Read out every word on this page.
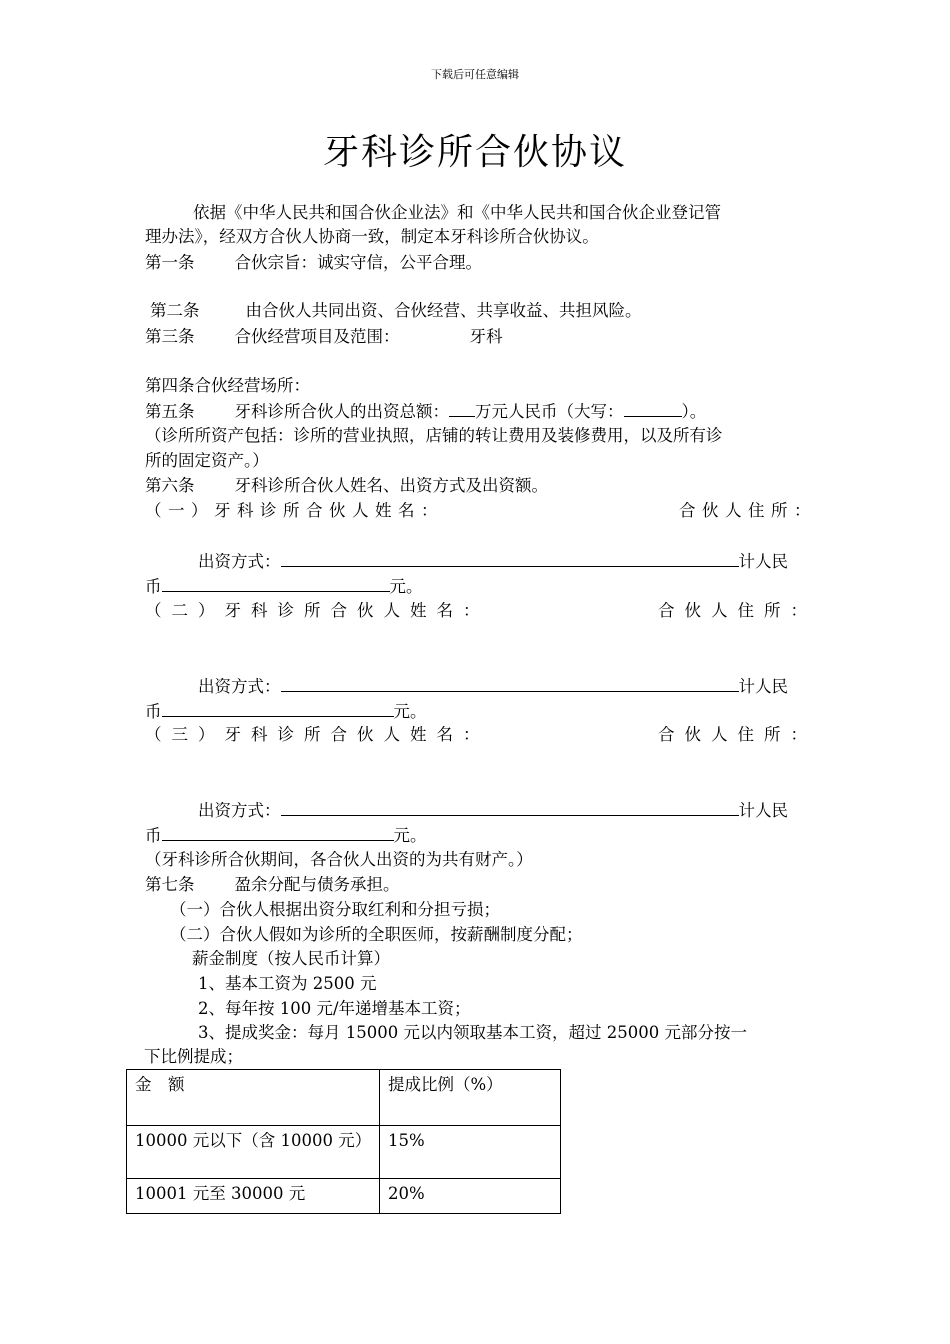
下载后可任意编辑
牙科诊所合伙协议
依据《中华人民共和国合伙企业法》和《中华人民共和国合伙企业登记管
理办法》，经双方合伙人协商一致，制定本牙科诊所合伙协议。
第一条 合伙宗旨：诚实守信，公平合理。
第二条	由合伙人共同出资、合伙经营、共享收益、共担风险。
第三条 合伙经营项目及范围：	牙科
第四条合伙经营场所：
第五条 牙科诊所合伙人的出资总额： 万元人民币（大写：	）。
（诊所所资产包括：诊所的营业执照，店铺的转让费用及装修费用，以及所有诊
所的固定资产。）
第六条 牙科诊所合伙人姓名、出资方式及出资额。
（一）牙科诊所合伙人姓名：	合伙人住所：
出资方式：	计人民
币	元。
（二）牙科诊所合伙人姓名：	合伙人住所：
出资方式：	计人民
币	元。
（三）牙科诊所合伙人姓名：	合伙人住所：
出资方式：	计人民
币	元。
（牙科诊所合伙期间，各合伙人出资的为共有财产。）
第七条 盈余分配与债务承担。
（一）合伙人根据出资分取红利和分担亏损；
（二）合伙人假如为诊所的全职医师，按薪酬制度分配；
薪金制度（按人民币计算）
1、基本工资为 2500 元
2、每年按 100 元/年递增基本工资；
3、提成奖金：每月 15000 元以内领取基本工资，超过 25000 元部分按一
下比例提成；
金　额	提成比例（%）
10000 元以下（含 10000 元）	15%
10001 元至 30000 元	20%
